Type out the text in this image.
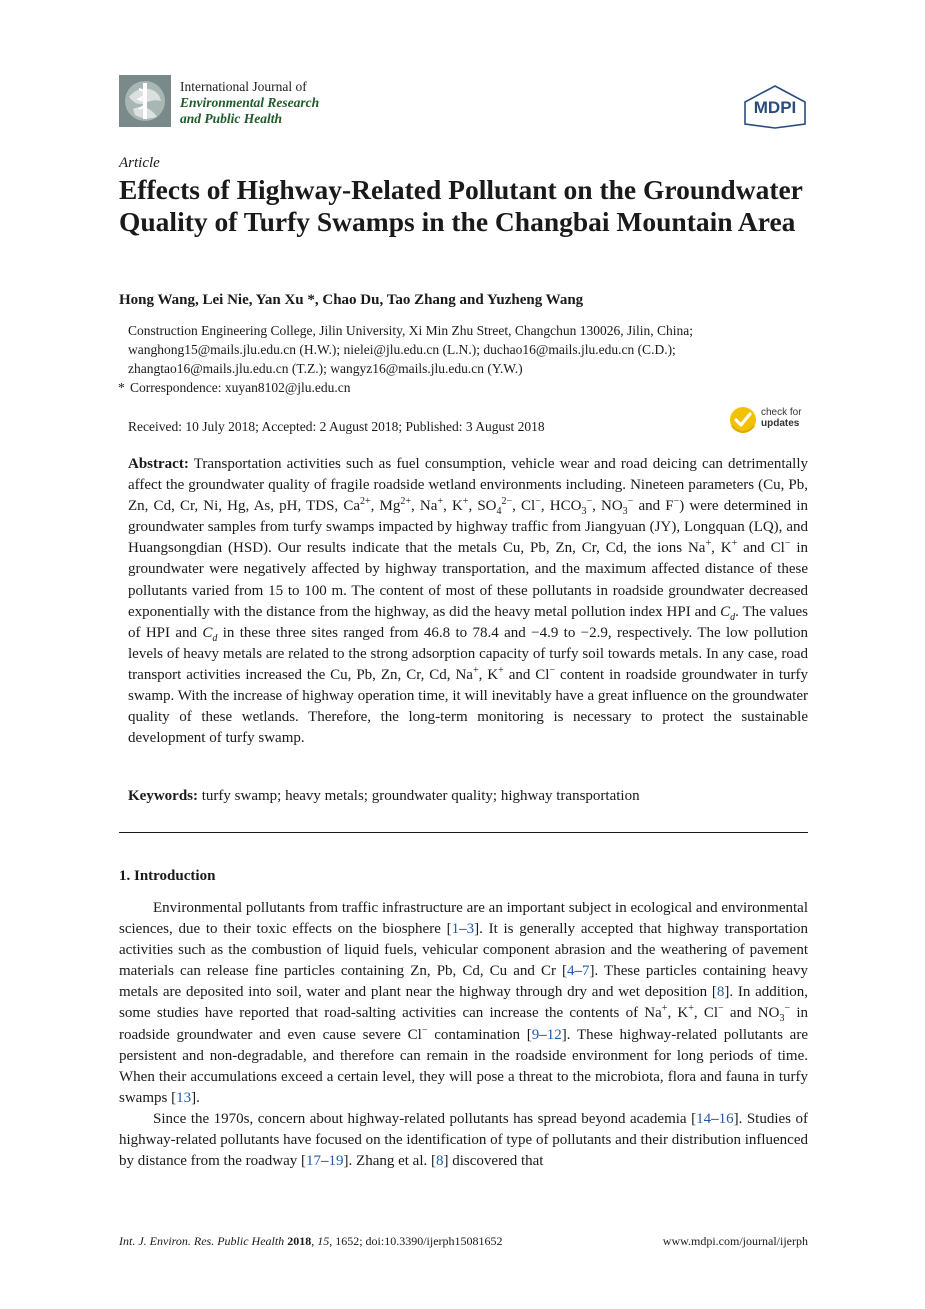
International Journal of
Environmental Research
and Public Health
MDPI
Article
Effects of Highway-Related Pollutant on the Groundwater Quality of Turfy Swamps in the Changbai Mountain Area
Hong Wang, Lei Nie, Yan Xu *, Chao Du, Tao Zhang and Yuzheng Wang
Construction Engineering College, Jilin University, Xi Min Zhu Street, Changchun 130026, Jilin, China;
wanghong15@mails.jlu.edu.cn (H.W.); nielei@jlu.edu.cn (L.N.); duchao16@mails.jlu.edu.cn (C.D.);
zhangtao16@mails.jlu.edu.cn (T.Z.); wangyz16@mails.jlu.edu.cn (Y.W.)
* Correspondence: xuyan8102@jlu.edu.cn
Received: 10 July 2018; Accepted: 2 August 2018; Published: 3 August 2018
check for
updates
Abstract: Transportation activities such as fuel consumption, vehicle wear and road deicing can detrimentally affect the groundwater quality of fragile roadside wetland environments including. Nineteen parameters (Cu, Pb, Zn, Cd, Cr, Ni, Hg, As, pH, TDS, $Ca^{2+}$, $Mg^{2+}$, Na+, K+, $SO_4^{2-}$, Cl−, $HCO_3^-$, $NO_3^-$ and F−) were determined in groundwater samples from turfy swamps impacted by highway traffic from Jiangyuan (JY), Longquan (LQ), and Huangsongdian (HSD). Our results indicate that the metals Cu, Pb, Zn, Cr, Cd, the ions Na+, K+ and Cl− in groundwater were negatively affected by highway transportation, and the maximum affected distance of these pollutants varied from 15 to 100 m. The content of most of these pollutants in roadside groundwater decreased exponentially with the distance from the highway, as did the heavy metal pollution index HPI and $C_d$. The values of HPI and $C_d$ in these three sites ranged from 46.8 to 78.4 and −4.9 to −2.9, respectively. The low pollution levels of heavy metals are related to the strong adsorption capacity of turfy soil towards metals. In any case, road transport activities increased the Cu, Pb, Zn, Cr, Cd, Na+, K+ and Cl− content in roadside groundwater in turfy swamp. With the increase of highway operation time, it will inevitably have a great influence on the groundwater quality of these wetlands. Therefore, the long-term monitoring is necessary to protect the sustainable development of turfy swamp.
Keywords: turfy swamp; heavy metals; groundwater quality; highway transportation
1. Introduction

Environmental pollutants from traffic infrastructure are an important subject in ecological and environmental sciences, due to their toxic effects on the biosphere [1–3]. It is generally accepted that highway transportation activities such as the combustion of liquid fuels, vehicular component abrasion and the weathering of pavement materials can release fine particles containing Zn, Pb, Cd, Cu and Cr [4–7]. These particles containing heavy metals are deposited into soil, water and plant near the highway through dry and wet deposition [8]. In addition, some studies have reported that road-salting activities can increase the contents of Na+, K+, Cl− and $NO_3^-$ in roadside groundwater and even cause severe Cl− contamination [9–12]. These highway-related pollutants are persistent and non-degradable, and therefore can remain in the roadside environment for long periods of time. When their accumulations exceed a certain level, they will pose a threat to the microbiota, flora and fauna in turfy swamps [13].

Since the 1970s, concern about highway-related pollutants has spread beyond academia [14–16]. Studies of highway-related pollutants have focused on the identification of type of pollutants and their distribution influenced by distance from the roadway [17–19]. Zhang et al. [8] discovered that

Int. J. Environ. Res. Public Health 2018, 15, 1652; doi:10.3390/ijerph15081652	www.mdpi.com/journal/ijerph
